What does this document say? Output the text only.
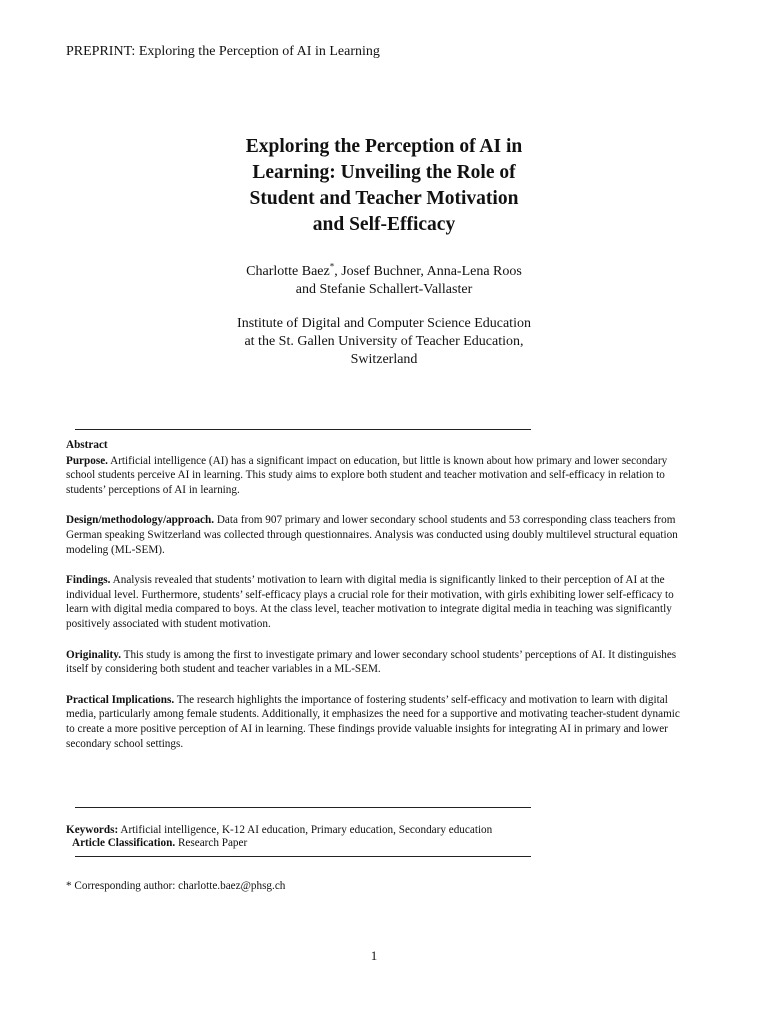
PREPRINT: Exploring the Perception of AI in Learning
Exploring the Perception of AI in
Learning: Unveiling the Role of
Student and Teacher Motivation
and Self-Efficacy
Charlotte Baez*, Josef Buchner, Anna-Lena Roos
and Stefanie Schallert-Vallaster
Institute of Digital and Computer Science Education
at the St. Gallen University of Teacher Education,
Switzerland
Abstract

Purpose. Artificial intelligence (AI) has a significant impact on education, but little is known about how primary and lower secondary school students perceive AI in learning. This study aims to explore both student and teacher motivation and self-efficacy in relation to students’ perceptions of AI in learning.

Design/methodology/approach. Data from 907 primary and lower secondary school students and 53 corresponding class teachers from German speaking Switzerland was collected through questionnaires. Analysis was conducted using doubly multilevel structural equation modeling (ML-SEM).

Findings. Analysis revealed that students’ motivation to learn with digital media is significantly linked to their perception of AI at the individual level. Furthermore, students’ self-efficacy plays a crucial role for their motivation, with girls exhibiting lower self-efficacy to learn with digital media compared to boys. At the class level, teacher motivation to integrate digital media in teaching was significantly positively associated with student motivation.

Originality. This study is among the first to investigate primary and lower secondary school students’ perceptions of AI. It distinguishes itself by considering both student and teacher variables in a ML-SEM.

Practical Implications. The research highlights the importance of fostering students’ self-efficacy and motivation to learn with digital media, particularly among female students. Additionally, it emphasizes the need for a supportive and motivating teacher-student dynamic to create a more positive perception of AI in learning. These findings provide valuable insights for integrating AI in primary and lower secondary school settings.

Keywords: Artificial intelligence, K-12 AI education, Primary education, Secondary education
Article Classification. Research Paper
* Corresponding author: charlotte.baez@phsg.ch
1
